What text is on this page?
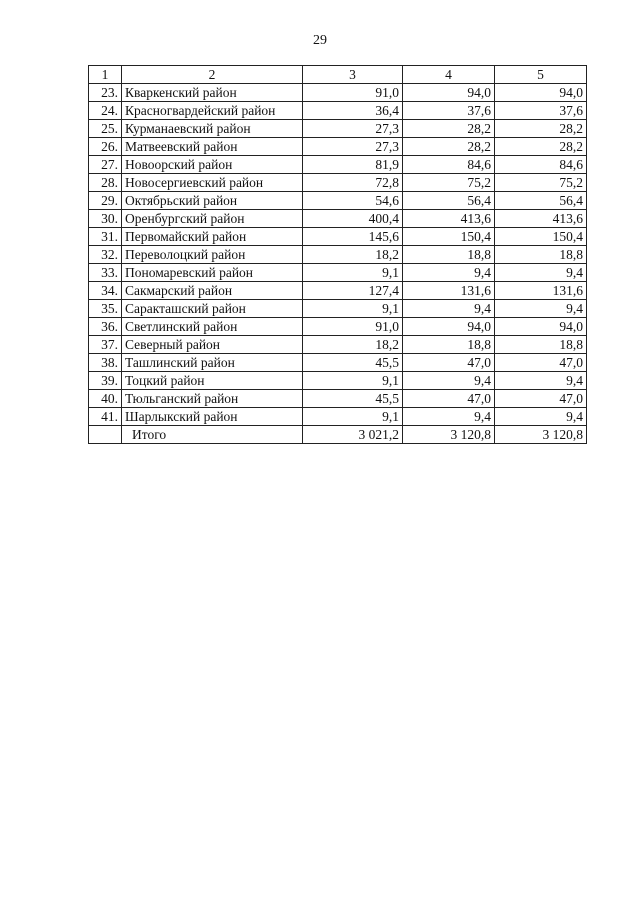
29
1	2	3	4	5
23.	Кваркенский район	91,0	94,0	94,0
24.	Красногвардейский район	36,4	37,6	37,6
25.	Курманаевский район	27,3	28,2	28,2
26.	Матвеевский район	27,3	28,2	28,2
27.	Новоорский район	81,9	84,6	84,6
28.	Новосергиевский район	72,8	75,2	75,2
29.	Октябрьский район	54,6	56,4	56,4
30.	Оренбургский район	400,4	413,6	413,6
31.	Первомайский район	145,6	150,4	150,4
32.	Переволоцкий район	18,2	18,8	18,8
33.	Пономаревский район	9,1	9,4	9,4
34.	Сакмарский район	127,4	131,6	131,6
35.	Саракташский район	9,1	9,4	9,4
36.	Светлинский район	91,0	94,0	94,0
37.	Северный район	18,2	18,8	18,8
38.	Ташлинский район	45,5	47,0	47,0
39.	Тоцкий район	9,1	9,4	9,4
40.	Тюльганский район	45,5	47,0	47,0
41.	Шарлыкский район	9,1	9,4	9,4
	Итого	3 021,2	3 120,8	3 120,8
